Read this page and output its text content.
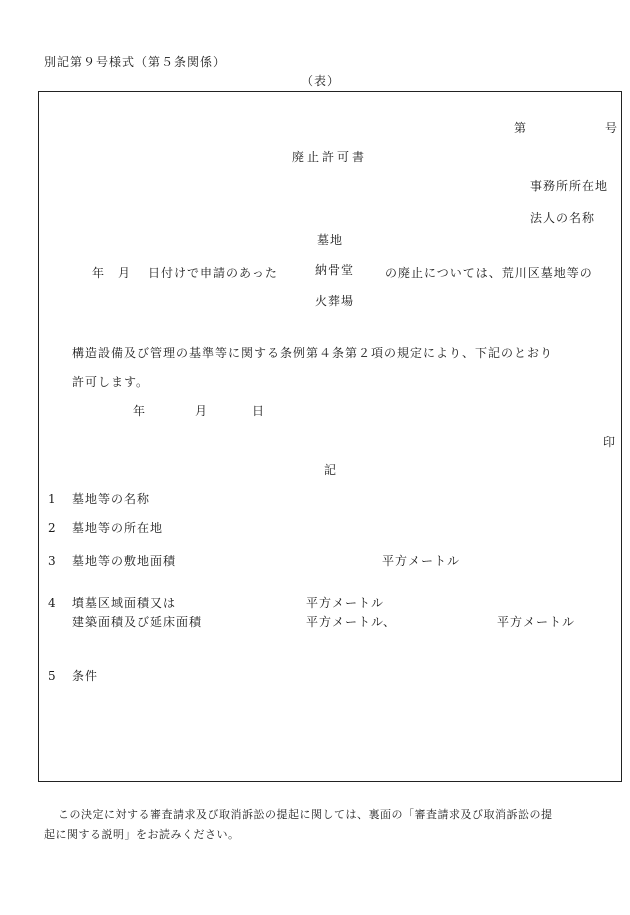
別記第９号様式（第５条関係）
（表）
第	号
廃止許可書
事務所所在地
法人の名称
墓地
納骨堂
火葬場
年 月 日付けで申請のあった	の廃止については、荒川区墓地等の
構造設備及び管理の基準等に関する条例第４条第２項の規定により、下記のとおり
許可します。
年	月	日
印
記
1 墓地等の名称
2 墓地等の所在地
3 墓地等の敷地面積	平方メートル
4 墳墓区域面積又は	平方メートル
建築面積及び延床面積	平方メートル、	平方メートル
5 条件
この決定に対する審査請求及び取消訴訟の提起に関しては、裏面の「審査請求及び取消訴訟の提
起に関する説明」をお読みください。
